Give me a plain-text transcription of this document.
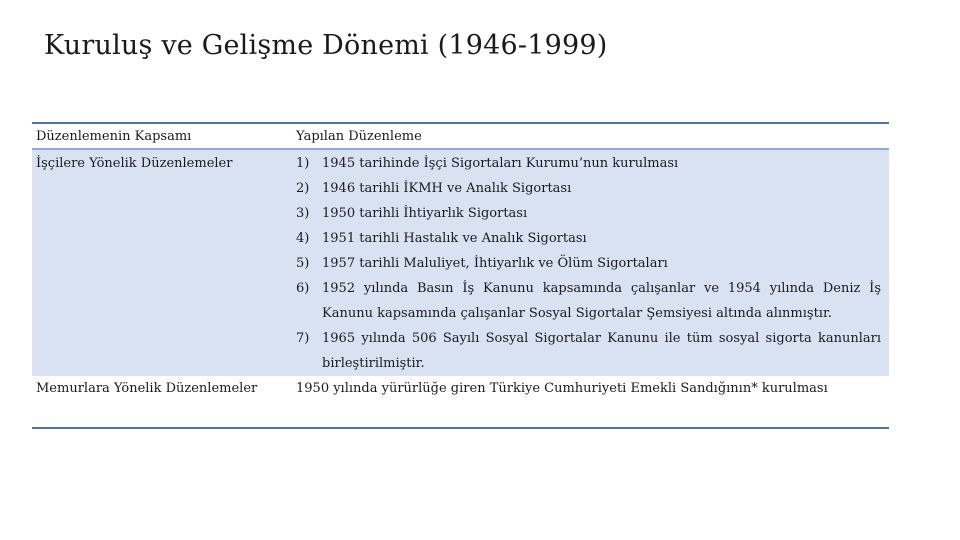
Kuruluş ve Gelişme Dönemi (1946-1999)
Düzenlemenin Kapsamı	Yapılan Düzenleme
İşçilere Yönelik Düzenlemeler	1) 1945 tarihinde İşçi Sigortaları Kurumu’nun kurulması
2) 1946 tarihli İKMH ve Analık Sigortası
3) 1950 tarihli İhtiyarlık Sigortası
4) 1951 tarihli Hastalık ve Analık Sigortası
5) 1957 tarihli Maluliyet, İhtiyarlık ve Ölüm Sigortaları
6) 1952 yılında Basın İş Kanunu kapsamında çalışanlar ve 1954 yılında Deniz İş Kanunu kapsamında çalışanlar Sosyal Sigortalar Şemsiyesi altında alınmıştır.
7) 1965 yılında 506 Sayılı Sosyal Sigortalar Kanunu ile tüm sosyal sigorta kanunları birleştirilmiştir.
Memurlara Yönelik Düzenlemeler	1950 yılında yürürlüğe giren Türkiye Cumhuriyeti Emekli Sandığının* kurulması
